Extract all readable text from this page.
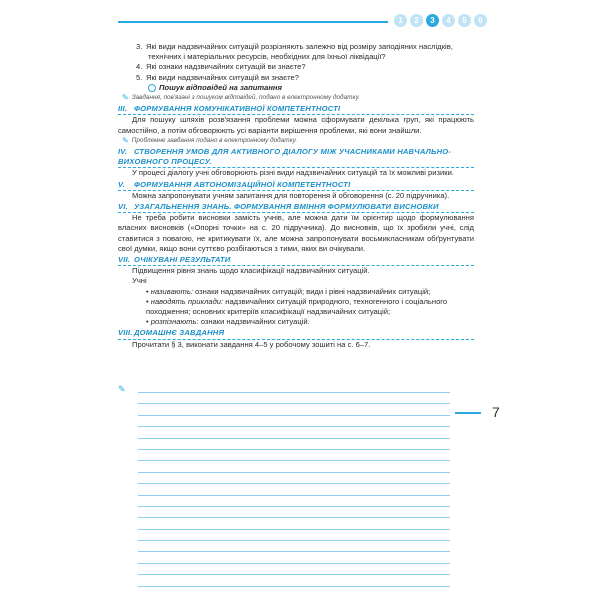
1	2	3	4	5	6
3. Які види надзвичайних ситуацій розрізняють залежно від розміру заподіяних наслідків, технічних і матеріальних ресурсів, необхідних для їхньої ліквідації?
4. Які ознаки надзвичайних ситуацій ви знаєте?
5. Які види надзвичайних ситуацій ви знаєте?
Пошук відповідей на запитання
✎ Завдання, пов'язані з пошуком відповідей, подано в електронному додатку.
III. ФОРМУВАННЯ КОМУНІКАТИВНОЇ КОМПЕТЕНТНОСТІ
Для пошуку шляхів розв'язання проблеми можна сформувати декілька груп, які працюють самостійно, а потім обговорюють усі варіанти вирішення проблеми, які вони знайшли.
✎ Проблемне завдання подано в електронному додатку.
IV. СТВОРЕННЯ УМОВ ДЛЯ АКТИВНОГО ДІАЛОГУ МІЖ УЧАСНИКАМИ НАВЧАЛЬНО-ВИХОВНОГО ПРОЦЕСУ.
У процесі діалогу учні обговорюють різні види надзвичайних ситуацій та їх можливі ризики.
V. ФОРМУВАННЯ АВТОНОМІЗАЦІЙНОЇ КОМПЕТЕНТНОСТІ
Можна запропонувати учням запитання для повторення й обговорення (с. 20 підручника).
VI. УЗАГАЛЬНЕННЯ ЗНАНЬ. ФОРМУВАННЯ ВМІННЯ ФОРМУЛЮВАТИ ВИСНОВКИ
Не треба робити висновки замість учнів, але можна дати їм орієнтир щодо формулювання власних висновків («Опорні точки» на с. 20 підручника). До висновків, що їх зробили учні, слід ставитися з повагою, не критикувати їх, але можна запропонувати восьмикласникам обґрунтувати свої думки, якщо вони суттєво розбігаються з тими, яких ви очікували.
VII. ОЧІКУВАНІ РЕЗУЛЬТАТИ
Підвищення рівня знань щодо класифікації надзвичайних ситуацій.
Учні
• називають: ознаки надзвичайних ситуацій; види і рівні надзвичайних ситуацій;
• наводять приклади: надзвичайних ситуацій природного, техногенного і соціального походження; основних критеріїв класифікації надзвичайних ситуацій;
• розпізнають: ознаки надзвичайних ситуацій.
VIII.ДОМАШНЄ ЗАВДАННЯ
Прочитати § 3, виконати завдання 4–5 у робочому зошиті на с. 6–7.
✎
7
